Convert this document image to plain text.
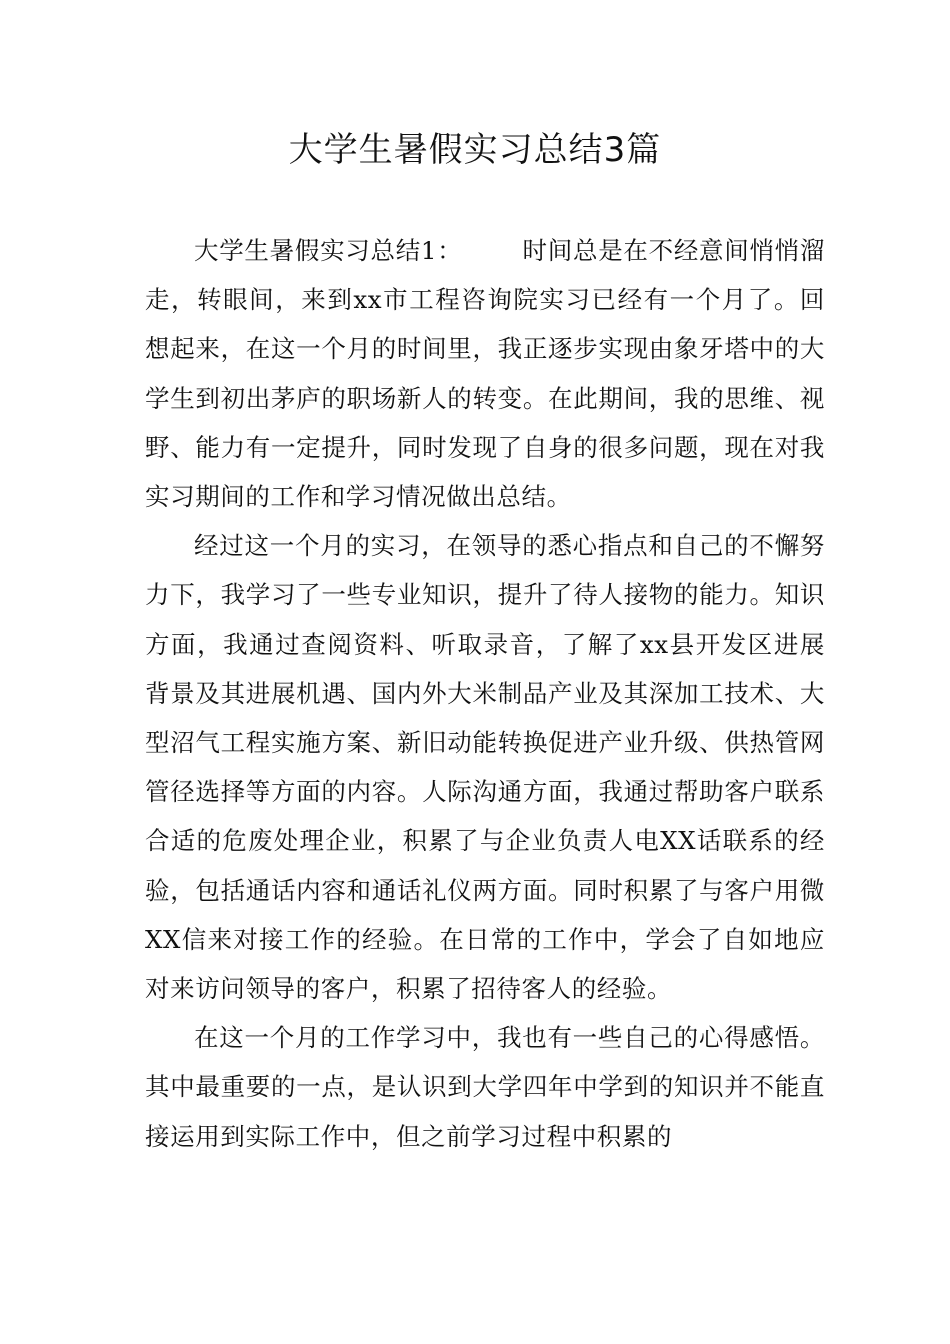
大学生暑假实习总结3篇

大学生暑假实习总结1： 时间总是在不经意间悄悄溜走，转眼间，来到xx市工程咨询院实习已经有一个月了。回想起来，在这一个月的时间里，我正逐步实现由象牙塔中的大学生到初出茅庐的职场新人的转变。在此期间，我的思维、视野、能力有一定提升，同时发现了自身的很多问题，现在对我实习期间的工作和学习情况做出总结。

经过这一个月的实习，在领导的悉心指点和自己的不懈努力下，我学习了一些专业知识，提升了待人接物的能力。知识方面，我通过查阅资料、听取录音，了解了xx县开发区进展背景及其进展机遇、国内外大米制品产业及其深加工技术、大型沼气工程实施方案、新旧动能转换促进产业升级、供热管网管径选择等方面的内容。人际沟通方面，我通过帮助客户联系合适的危废处理企业，积累了与企业负责人电XX话联系的经验，包括通话内容和通话礼仪两方面。同时积累了与客户用微XX信来对接工作的经验。在日常的工作中，学会了自如地应对来访问领导的客户，积累了招待客人的经验。

在这一个月的工作学习中，我也有一些自己的心得感悟。其中最重要的一点，是认识到大学四年中学到的知识并不能直接运用到实际工作中，但之前学习过程中积累的
